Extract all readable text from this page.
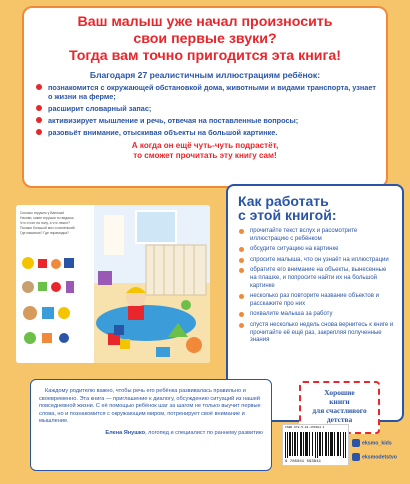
Ваш малыш уже начал произносить
свои первые звуки?
Тогда вам точно пригодится эта книга!
Благодаря 27 реалистичным иллюстрациям ребёнок:
познакомится с окружающей обстановкой дома, животными и видами транспорта, узнает о жизни на ферме;
расширит словарный запас;
активизирует мышление и речь, отвечая на поставленные вопросы;
разовьёт внимание, отыскивая объекты на большой картинке.
А когда он ещё чуть-чуть подрастёт,
то сможет прочитать эту книгу сам!

Сколько игрушек у Ванюши!

Назови, какие игрушки ты видишь.

Что стоит на полу, а что лежит?

Покажи большой мяч и маленький.

Где машинка? Где пирамидка?

Как работать
с этой книгой:
прочитайте текст вслух и рассмотрите иллюстрацию с ребёнком
обсудите ситуацию на картинке
спросите малыша, что он узнаёт на иллюстрации
обратите его внимание на объекты, вынесенные на плашке, и попросите найти их на большой картинке
несколько раз повторите название объектов и расскажите про них
похвалите малыша за работу
спустя несколько недель снова вернитесь к книге и прочитайте её ещё раз, закрепляя полученные знания
Каждому родителю важно, чтобы речь его ребёнка развивалась правильно и своевременно. Эта книга — приглашение к диалогу, обсуждению ситуаций из нашей повседневной жизни. С её помощью ребёнок шаг за шагом не только выучит первые слова, но и познакомится с окружающим миром, потренирует своё внимание и мышление.
Елена Янушко, логопед и специалист по раннему развитию
Хорошие
книги
для счастливого
детства
ISBN 978-5-04-159384-1
9 785041 593841
eksmo_kids
eksmodetstvo
